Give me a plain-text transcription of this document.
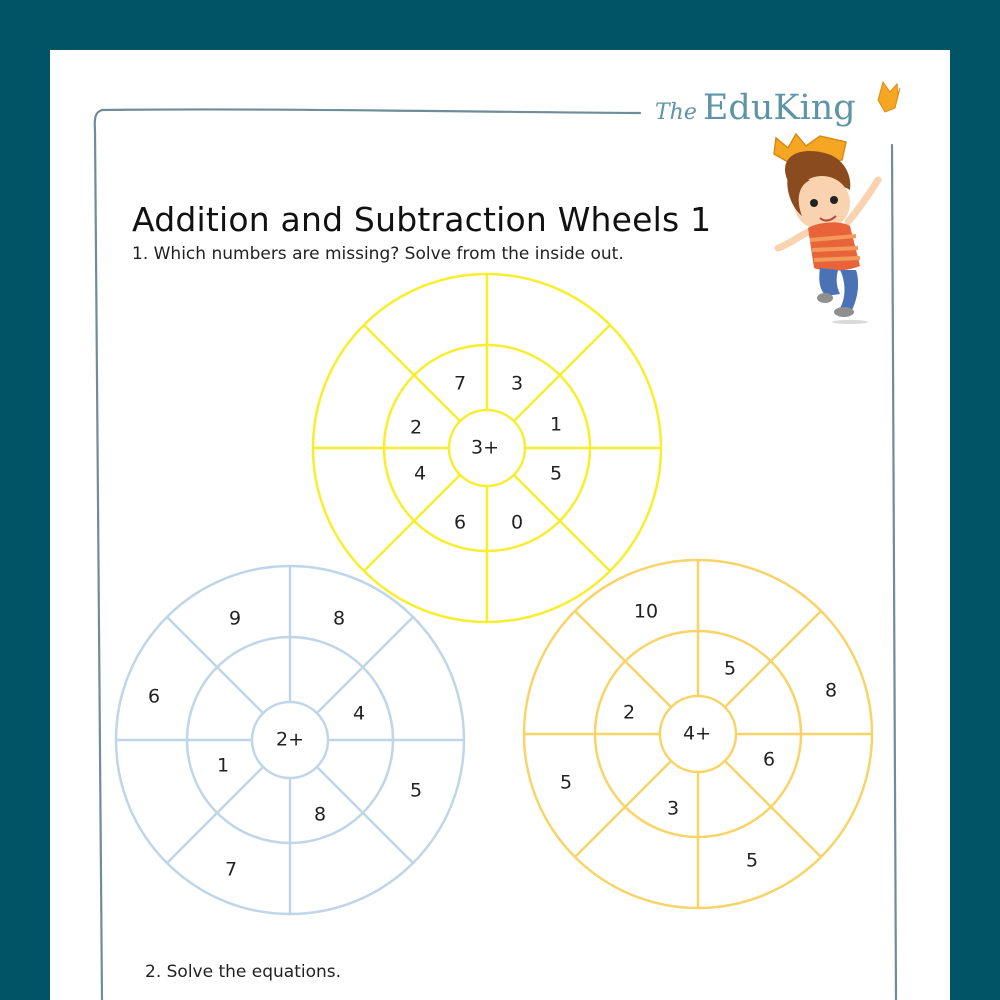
The EduKing
Addition and Subtraction Wheels 1
1. Which numbers are missing? Solve from the inside out.
3+
3
1
5
0
6
4
2
7
2+
4
8
1
8
5
7
6
9
4+
5
6
3
2
8
5
5
10
2. Solve the equations.
